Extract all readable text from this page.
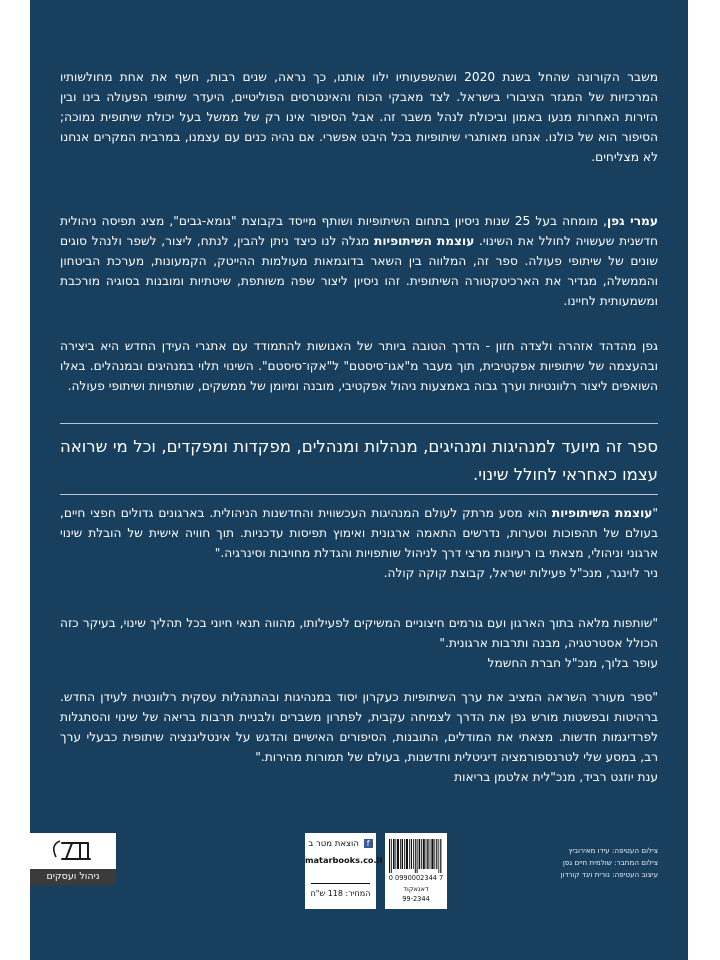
משבר הקורונה שהחל בשנת 2020 ושהשפעותיו ילוו אותנו, כך נראה, שנים רבות, חשף את אחת מחולשותיו המרכזיות של המגזר הציבורי בישראל. לצד מאבקי הכוח והאינטרסים הפוליטיים, היעדר שיתופי הפעולה בינו ובין הזירות האחרות מנעו באמון וביכולת לנהל משבר זה. אבל הסיפור אינו רק של ממשל בעל יכולת שיתופית נמוכה; הסיפור הוא של כולנו. אנחנו מאותגרי שיתופיות בכל היבט אפשרי. אם נהיה כנים עם עצמנו, במרבית המקרים אנחנו לא מצליחים.

עמרי גפן, מומחה בעל 25 שנות ניסיון בתחום השיתופיות ושותף מייסד בקבוצת "גומא-גבים", מציג תפיסה ניהולית חדשנית שעשויה לחולל את השינוי. עוצמת השיתופיות מגלה לנו כיצד ניתן להבין, לנתח, ליצור, לשפר ולנהל סוגים שונים של שיתופי פעולה. ספר זה, המלווה בין השאר בדוגמאות מעולמות ההייטק, הקמעונות, מערכת הביטחון והממשלה, מגדיר את הארכיטקטורה השיתופית. זהו ניסיון ליצור שפה משותפת, שיטתיות ומובנות בסוגיה מורכבת ומשמעותית לחיינו.

גפן מהדהד אזהרה ולצדה חזון - הדרך הטובה ביותר של האנושות להתמודד עם אתגרי העידן החדש היא ביצירה ובהעצמה של שיתופיות אפקטיבית, תוך מעבר מ"אגו־סיסטם" ל"אקו־סיסטם". השינוי תלוי במנהיגים ובמנהלים. באלו השואפים ליצור רלוונטיות וערך גבוה באמצעות ניהול אפקטיבי, מובנה ומיומן של ממשקים, שותפויות ושיתופי פעולה.

ספר זה מיועד למנהיגות ומנהיגים, מנהלות ומנהלים, מפקדות ומפקדים, וכל מי שרואה עצמו כאחראי לחולל שינוי.

"עוצמת השיתופיות הוא מסע מרתק לעולם המנהיגות העכשווית והחדשנות הניהולית. בארגונים גדולים חפצי חיים, בעולם של תהפוכות וסערות, נדרשים התאמה ארגונית ואימוץ תפיסות עדכניות. תוך חוויה אישית של הובלת שינוי ארגוני וניהולי, מצאתי בו רעיונות מרצי דרך לניהול שותפויות והגדלת מחויבות וסינרגיה."

ניר לוינגר, מנכ"ל פעילות ישראל, קבוצת קוקה קולה.

"שותפות מלאה בתוך הארגון ועם גורמים חיצוניים המשיקים לפעילותו, מהווה תנאי חיוני בכל תהליך שינוי, בעיקר כזה הכולל אסטרטגיה, מבנה ותרבות ארגונית."

עופר בלוך, מנכ"ל חברת החשמל

"ספר מעורר השראה המציב את ערך השיתופיות כעקרון יסוד במנהיגות ובהתנהלות עסקית רלוונטית לעידן החדש. ברהיטות ובפשטות מורש גפן את הדרך לצמיחה עקבית, לפתרון משברים ולבניית תרבות בריאה של שינוי והסתגלות לפרדיגמות חדשות. מצאתי את המודלים, התובנות, הסיפורים האישיים והדגש על אינטליגנציה שיתופית כבעלי ערך רב, במסע שלי לטרנספורמציה דיגיטלית וחדשנות, בעולם של תמורות מהירות."

ענת יוזגט רביד, מנכ"לית אלטמן בריאות

f הוצאת מטר ב
matarbooks.co.il
המחיר: 118 ש"ח
0 0990002344 7
דאנאקוד
99-2344

צילום העטיפה: עידו מאירוביץ

צילום המחבר: שולמית חיים גפן

עיצוב העטיפה: נורית ויגד קורדון

ניהול ועסקים
